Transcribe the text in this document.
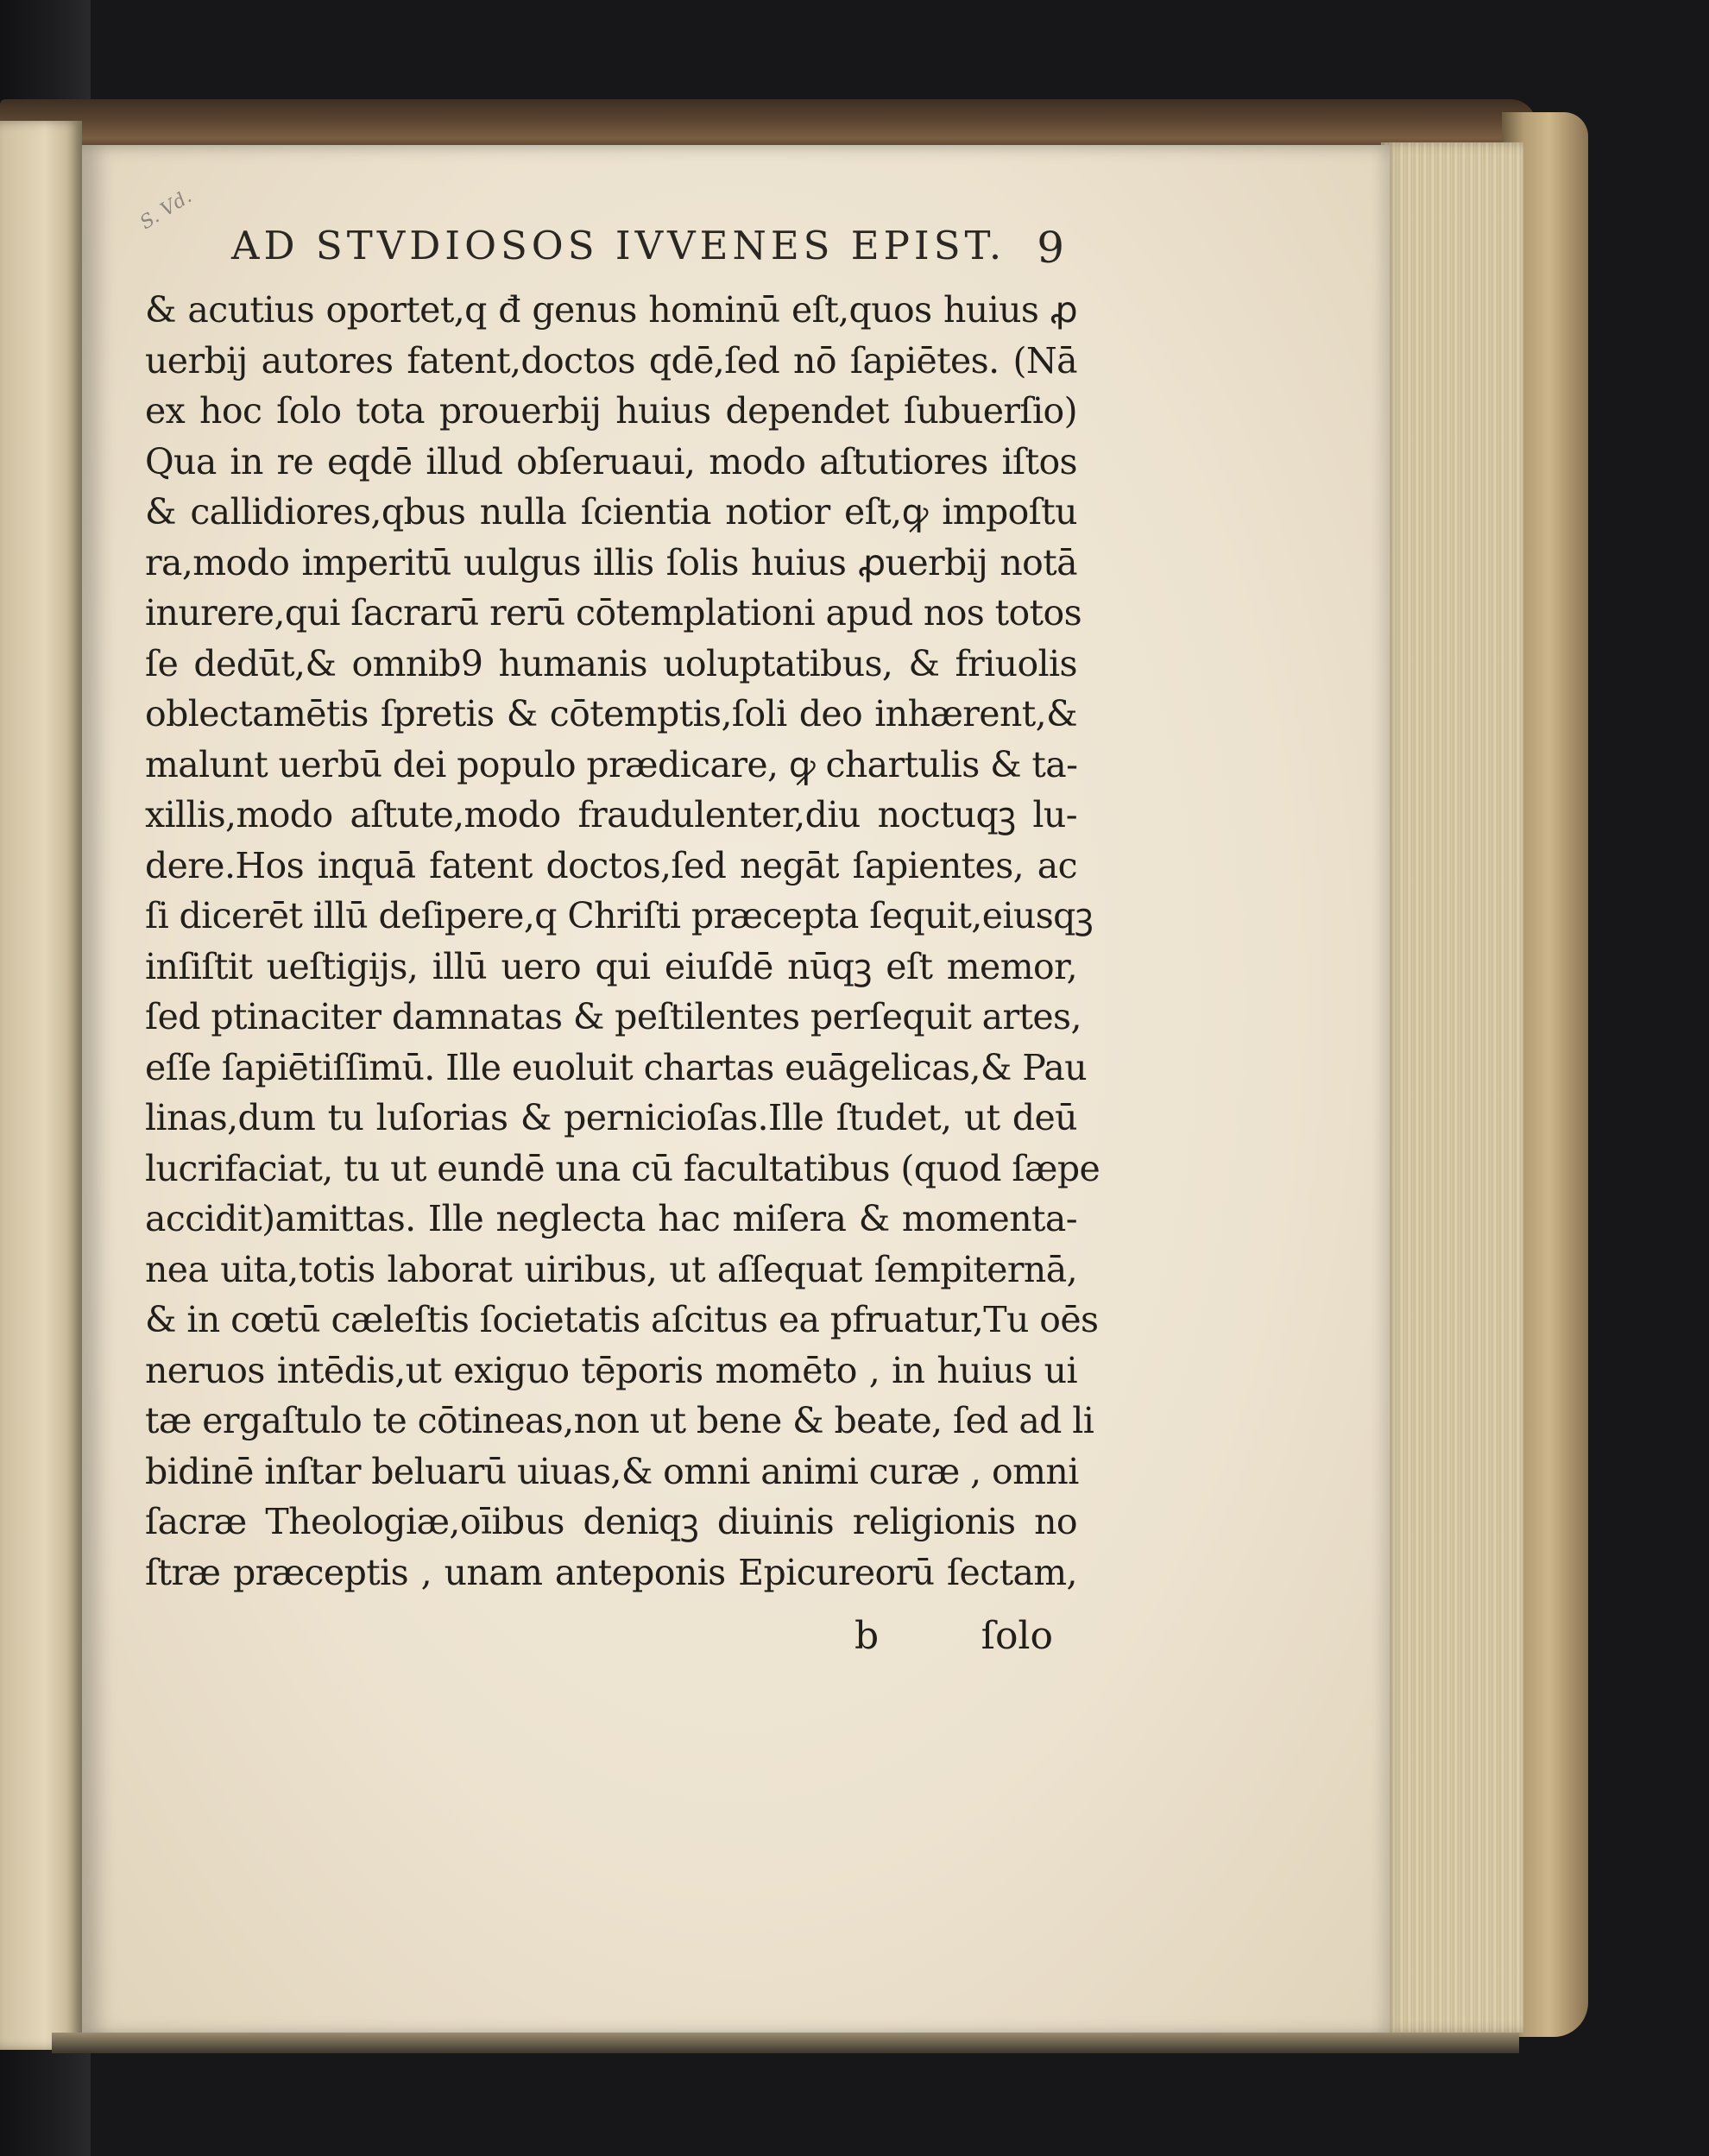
S. Vd.
AD STVDIOSOS IVVENES EPIST. 9
& acutius oportet,q đ genus hominū eſt,quos huius ꝓ
uerbij autores fatent,doctos qdē,ſed nō ſapiētes. (Nā
ex hoc ſolo tota prouerbij huius dependet ſubuerſio)
Qua in re eqdē illud obſeruaui, modo aſtutiores iſtos
& callidiores,qbus nulla ſcientia notior eſt,ꝙ impoſtu
ra,modo imperitū uulgus illis ſolis huius ꝓuerbij notā
inurere,qui ſacrarū rerū cōtemplationi apud nos totos
ſe dedūt,& omnib9 humanis uoluptatibus, & friuolis
oblectamētis ſpretis & cōtemptis,ſoli deo inhærent,&
malunt uerbū dei populo prædicare, ꝙ chartulis & ta-
xillis,modo aſtute,modo fraudulenter,diu noctuqꝫ lu-
dere.Hos inquā fatent doctos,ſed negāt ſapientes, ac
ſi dicerēt illū deſipere,q Chriſti præcepta ſequit,eiusqꝫ
inſiſtit ueſtigijs, illū uero qui eiuſdē nūqꝫ eſt memor,
ſed ptinaciter damnatas & peſtilentes perſequit artes,
eſſe ſapiētiſſimū. Ille euoluit chartas euāgelicas,& Pau
linas,dum tu luſorias & pernicioſas.Ille ſtudet, ut deū
lucrifaciat, tu ut eundē una cū facultatibus (quod ſæpe
accidit)amittas. Ille neglecta hac miſera & momenta-
nea uita,totis laborat uiribus, ut aſſequat ſempiternā,
& in cœtū cæleſtis ſocietatis aſcitus ea pfruatur,Tu oēs
neruos intēdis,ut exiguo tēporis momēto , in huius ui
tæ ergaſtulo te cōtineas,non ut bene & beate, ſed ad li
bidinē inſtar beluarū uiuas,& omni animi curæ , omni
ſacræ Theologiæ,oīibus deniqꝫ diuinis religionis no
ſtræ præceptis , unam anteponis Epicureorū ſectam,
b	ſolo
